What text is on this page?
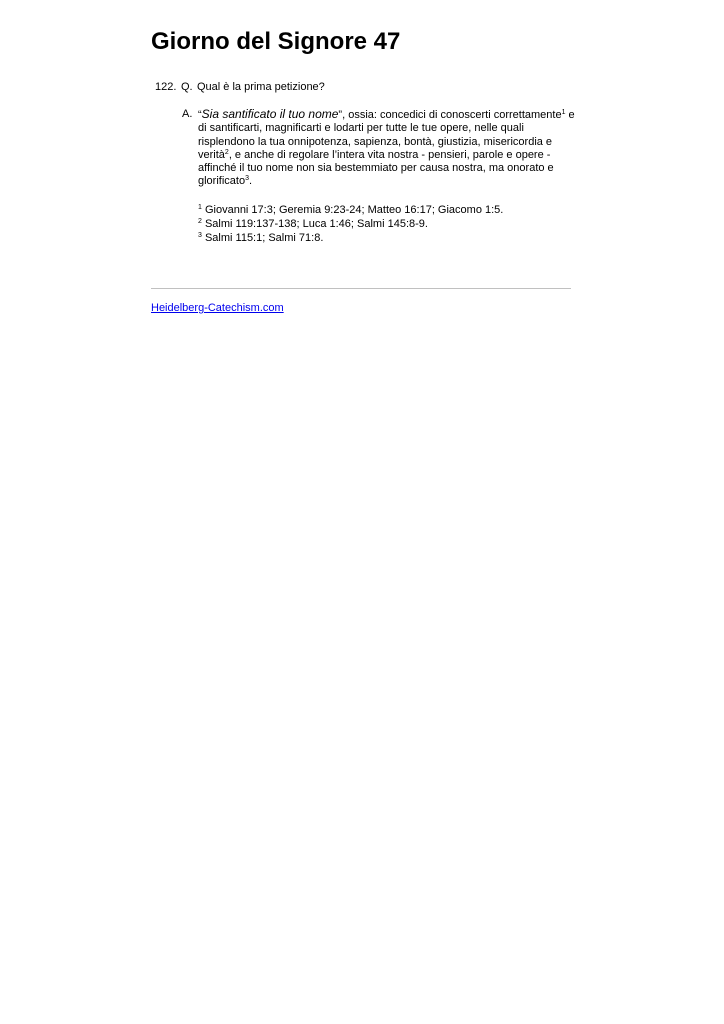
Giorno del Signore 47
122. Q. Qual è la prima petizione?
A. “Sia santificato il tuo nome”, ossia: concedici di conoscerti correttamente$^1$ e
di santificarti, magnificarti e lodarti per tutte le tue opere, nelle quali
risplendono la tua onnipotenza, sapienza, bontà, giustizia, misericordia e
verità$^2$, e anche di regolare l’intera vita nostra - pensieri, parole e opere -
affinché il tuo nome non sia bestemmiato per causa nostra, ma onorato e
glorificato$^3$.
$^1$ Giovanni 17:3; Geremia 9:23-24; Matteo 16:17; Giacomo 1:5.
$^2$ Salmi 119:137-138; Luca 1:46; Salmi 145:8-9.
$^3$ Salmi 115:1; Salmi 71:8.
Heidelberg-Catechism.com
